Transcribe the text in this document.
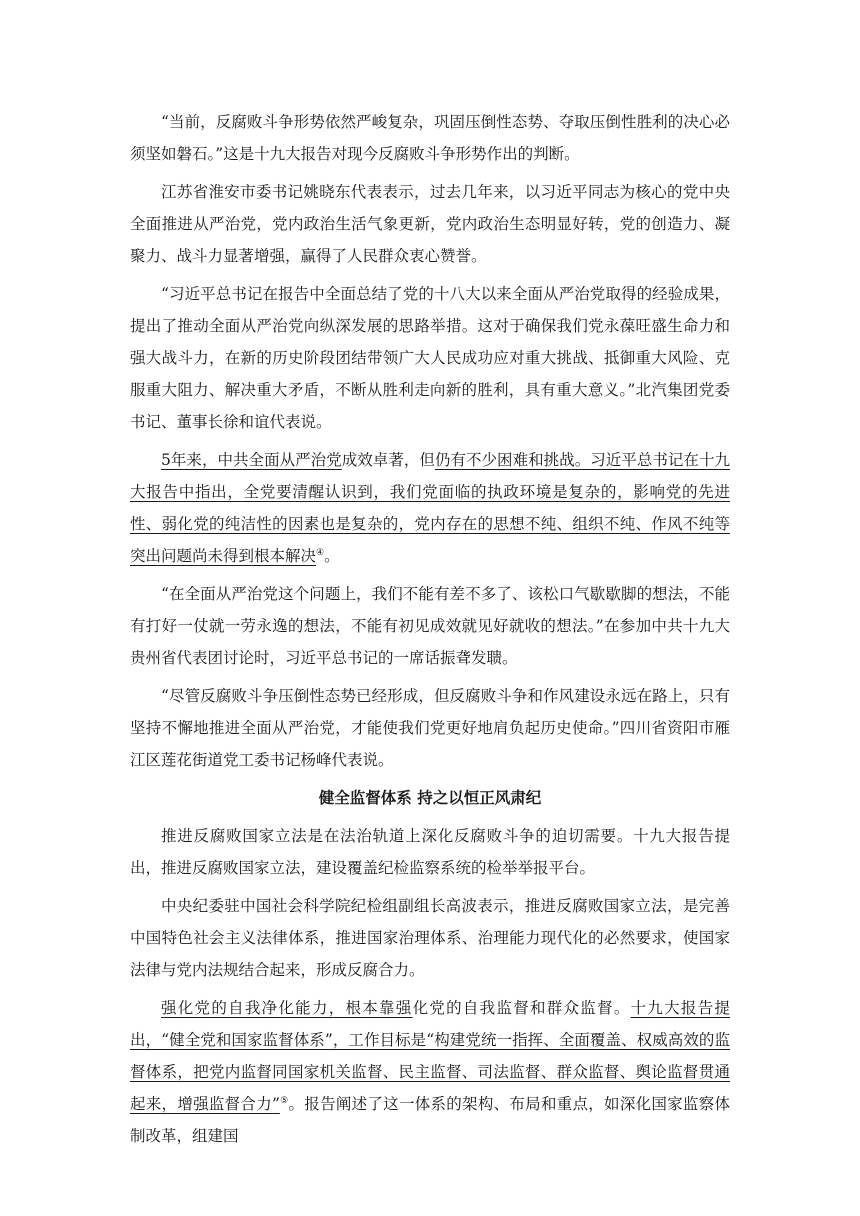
“当前，反腐败斗争形势依然严峻复杂，巩固压倒性态势、夺取压倒性胜利的决心必须坚如磐石。”这是十九大报告对现今反腐败斗争形势作出的判断。

江苏省淮安市委书记姚晓东代表表示，过去几年来，以习近平同志为核心的党中央全面推进从严治党，党内政治生活气象更新，党内政治生态明显好转，党的创造力、凝聚力、战斗力显著增强，赢得了人民群众衷心赞誉。

“习近平总书记在报告中全面总结了党的十八大以来全面从严治党取得的经验成果，提出了推动全面从严治党向纵深发展的思路举措。这对于确保我们党永葆旺盛生命力和强大战斗力，在新的历史阶段团结带领广大人民成功应对重大挑战、抵御重大风险、克服重大阻力、解决重大矛盾，不断从胜利走向新的胜利，具有重大意义。”北汽集团党委书记、董事长徐和谊代表说。

5年来，中共全面从严治党成效卓著，但仍有不少困难和挑战。习近平总书记在十九大报告中指出，全党要清醒认识到，我们党面临的执政环境是复杂的，影响党的先进性、弱化党的纯洁性的因素也是复杂的，党内存在的思想不纯、组织不纯、作风不纯等突出问题尚未得到根本解决④。

“在全面从严治党这个问题上，我们不能有差不多了、该松口气歇歇脚的想法，不能有打好一仗就一劳永逸的想法，不能有初见成效就见好就收的想法。”在参加中共十九大贵州省代表团讨论时，习近平总书记的一席话振聋发聩。

“尽管反腐败斗争压倒性态势已经形成，但反腐败斗争和作风建设永远在路上，只有坚持不懈地推进全面从严治党，才能使我们党更好地肩负起历史使命。”四川省资阳市雁江区莲花街道党工委书记杨峰代表说。

健全监督体系 持之以恒正风肃纪

推进反腐败国家立法是在法治轨道上深化反腐败斗争的迫切需要。十九大报告提出，推进反腐败国家立法，建设覆盖纪检监察系统的检举举报平台。

中央纪委驻中国社会科学院纪检组副组长高波表示，推进反腐败国家立法，是完善中国特色社会主义法律体系，推进国家治理体系、治理能力现代化的必然要求，使国家法律与党内法规结合起来，形成反腐合力。

强化党的自我净化能力，根本靠强化党的自我监督和群众监督。十九大报告提出，“健全党和国家监督体系”，工作目标是“构建党统一指挥、全面覆盖、权威高效的监督体系，把党内监督同国家机关监督、民主监督、司法监督、群众监督、舆论监督贯通起来，增强监督合力”⑤。报告阐述了这一体系的架构、布局和重点，如深化国家监察体制改革，组建国
